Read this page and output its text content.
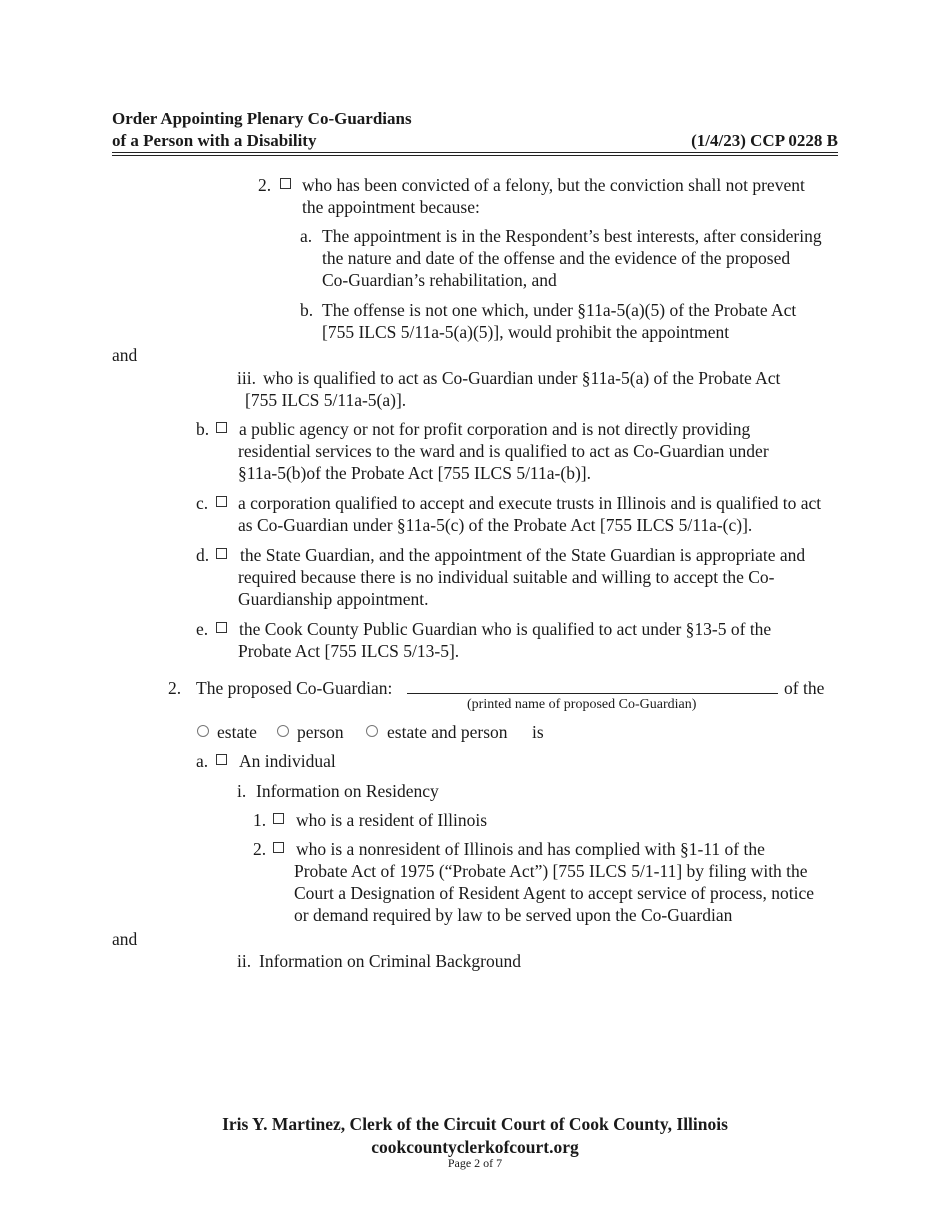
Order Appointing Plenary Co-Guardians
of a Person with a Disability	(1/4/23) CCP 0228 B
2. who has been convicted of a felony, but the conviction shall not prevent
the appointment because:
a. The appointment is in the Respondent’s best interests, after considering
the nature and date of the offense and the evidence of the proposed
Co-Guardian’s rehabilitation, and
b. The offense is not one which, under §11a-5(a)(5) of the Probate Act
[755 ILCS 5/11a-5(a)(5)], would prohibit the appointment
and
iii. who is qualified to act as Co-Guardian under §11a-5(a) of the Probate Act
[755 ILCS 5/11a-5(a)].
b. a public agency or not for profit corporation and is not directly providing
residential services to the ward and is qualified to act as Co-Guardian under
§11a-5(b)of the Probate Act [755 ILCS 5/11a-(b)].
c. a corporation qualified to accept and execute trusts in Illinois and is qualified to act
as Co-Guardian under §11a-5(c) of the Probate Act [755 ILCS 5/11a-(c)].
d. the State Guardian, and the appointment of the State Guardian is appropriate and
required because there is no individual suitable and willing to accept the Co-
Guardianship appointment.
e. the Cook County Public Guardian who is qualified to act under §13-5 of the
Probate Act [755 ILCS 5/13-5].
2. The proposed Co-Guardian:	of the
(printed name of proposed Co-Guardian)
estate person estate and person is
a. An individual
i. Information on Residency
1. who is a resident of Illinois
2. who is a nonresident of Illinois and has complied with §1-11 of the
Probate Act of 1975 (“Probate Act”) [755 ILCS 5/1-11] by filing with the
Court a Designation of Resident Agent to accept service of process, notice
or demand required by law to be served upon the Co-Guardian
and
ii. Information on Criminal Background
Iris Y. Martinez, Clerk of the Circuit Court of Cook County, Illinois
cookcountyclerkofcourt.org
Page 2 of 7
